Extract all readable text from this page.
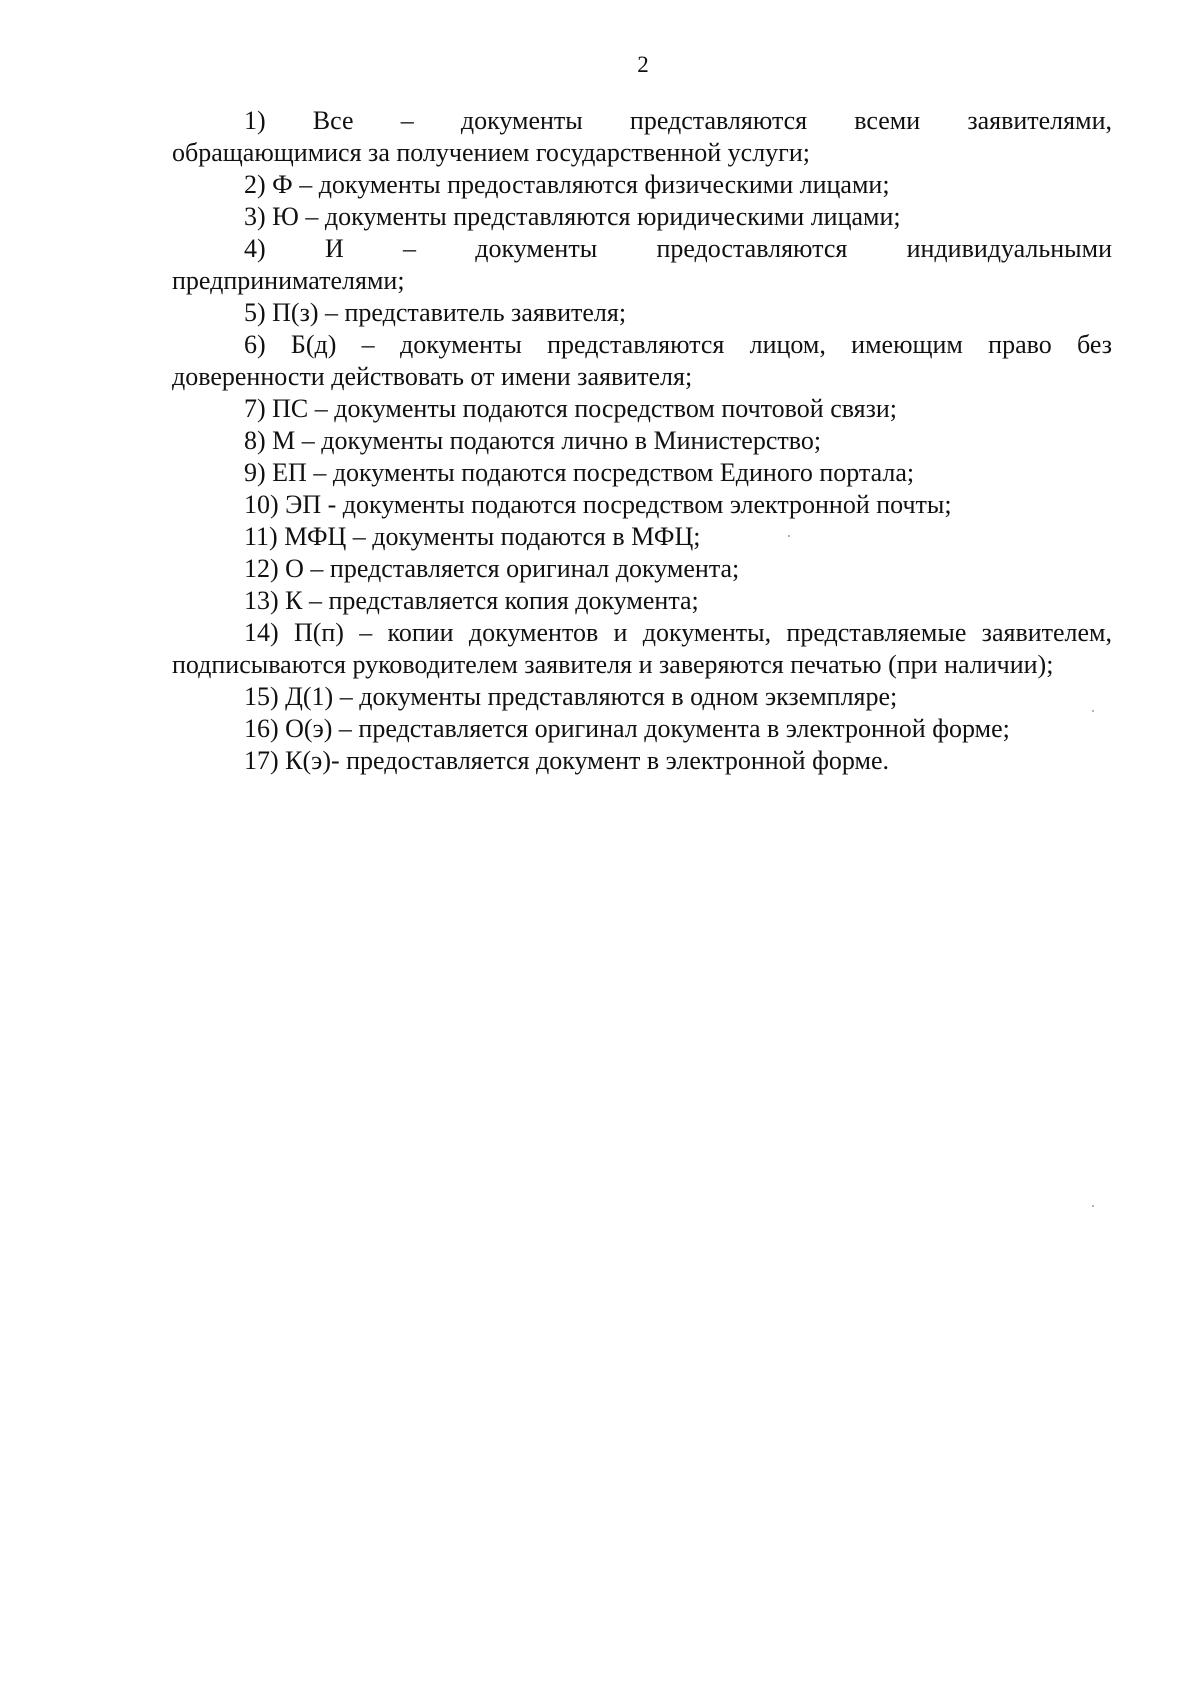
2

1) Все – документы представляются всеми заявителями,
обращающимися за получением государственной услуги;

2) Ф – документы предоставляются физическими лицами;

3) Ю – документы представляются юридическими лицами;

4) И – документы предоставляются индивидуальными
предпринимателями;

5) П(з) – представитель заявителя;

6) Б(д) – документы представляются лицом, имеющим право без
доверенности действовать от имени заявителя;

7) ПС – документы подаются посредством почтовой связи;

8) М – документы подаются лично в Министерство;

9) ЕП – документы подаются посредством Единого портала;

10) ЭП - документы подаются посредством электронной почты;

11) МФЦ – документы подаются в МФЦ;

12) О – представляется оригинал документа;

13) К – представляется копия документа;

14) П(п) – копии документов и документы, представляемые заявителем,
подписываются руководителем заявителя и заверяются печатью (при наличии);

15) Д(1) – документы представляются в одном экземпляре;

16) О(э) – представляется оригинал документа в электронной форме;

17) К(э)- предоставляется документ в электронной форме.
